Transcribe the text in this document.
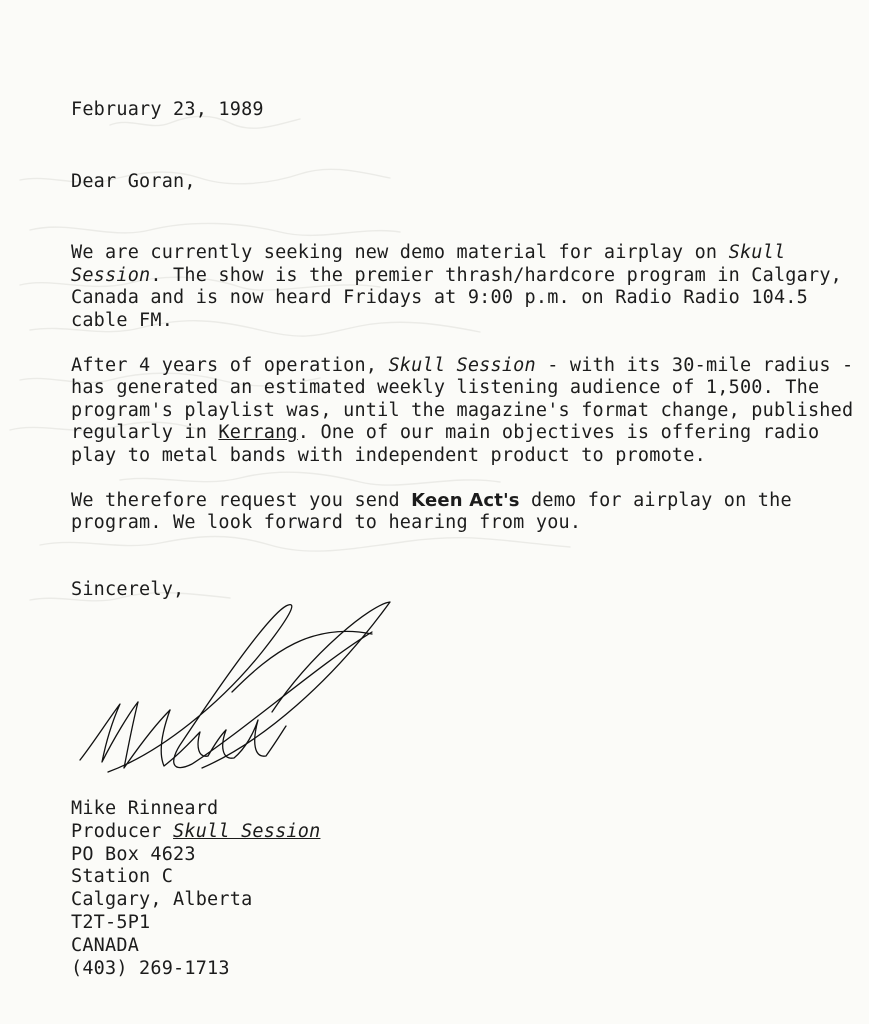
February 23, 1989
Dear Goran,
We are currently seeking new demo material for airplay on Skull Session. The show is the premier thrash/hardcore program in Calgary, Canada and is now heard Fridays at 9:00 p.m. on Radio Radio 104.5 cable FM.
After 4 years of operation, Skull Session - with its 30-mile radius - has generated an estimated weekly listening audience of 1,500. The program's playlist was, until the magazine's format change, published regularly in Kerrang. One of our main objectives is offering radio play to metal bands with independent product to promote.
We therefore request you send Keen Act's demo for airplay on the program. We look forward to hearing from you.
Sincerely,
Mike Rinneard
Producer Skull Session
PO Box 4623
Station C
Calgary, Alberta
T2T-5P1
CANADA
(403) 269-1713
